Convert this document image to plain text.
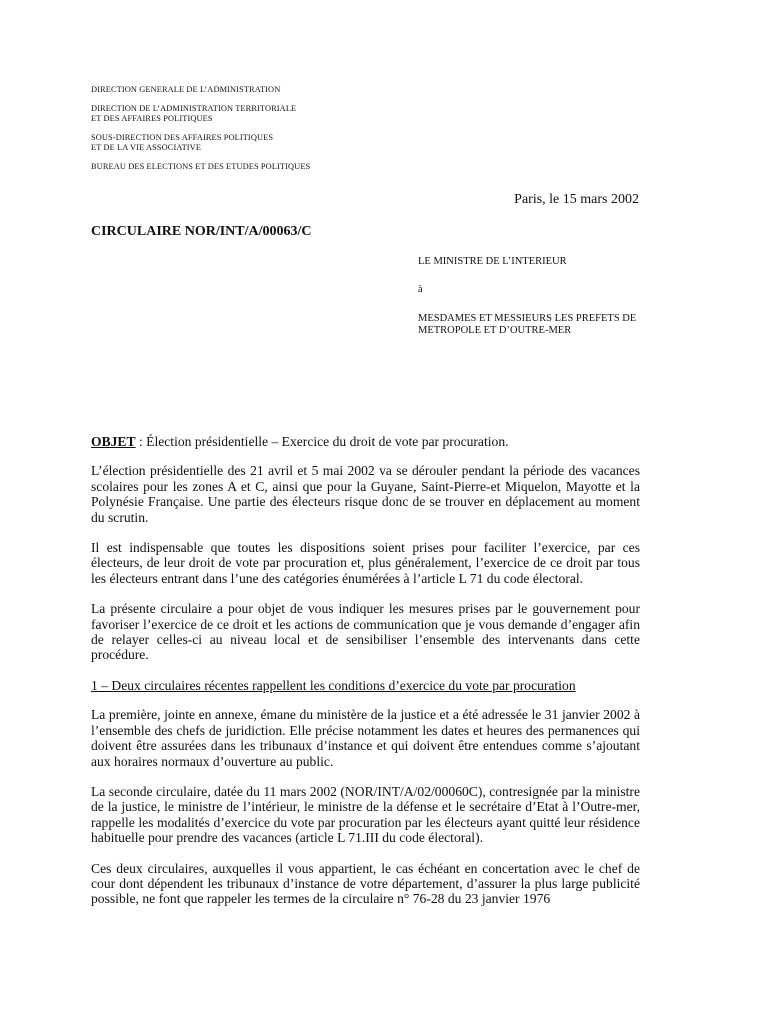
DIRECTION GENERALE DE L’ADMINISTRATION
DIRECTION DE L’ADMINISTRATION TERRITORIALE
ET DES AFFAIRES POLITIQUES
SOUS-DIRECTION DES AFFAIRES POLITIQUES
ET DE LA VIE ASSOCIATIVE
BUREAU DES ELECTIONS ET DES ETUDES POLITIQUES
Paris, le 15 mars 2002
CIRCULAIRE NOR/INT/A/00063/C
LE MINISTRE DE L’INTERIEUR
à
MESDAMES ET MESSIEURS LES PREFETS DE METROPOLE ET D’OUTRE-MER
OBJET : Élection présidentielle – Exercice du droit de vote par procuration.

L’élection présidentielle des 21 avril et 5 mai 2002 va se dérouler pendant la période des vacances scolaires pour les zones A et C, ainsi que pour la Guyane, Saint-Pierre-et Miquelon, Mayotte et la Polynésie Française. Une partie des électeurs risque donc de se trouver en déplacement au moment du scrutin.

Il est indispensable que toutes les dispositions soient prises pour faciliter l’exercice, par ces électeurs, de leur droit de vote par procuration et, plus généralement, l’exercice de ce droit par tous les électeurs entrant dans l’une des catégories énumérées à l’article L 71 du code électoral.

La présente circulaire a pour objet de vous indiquer les mesures prises par le gouvernement pour favoriser l’exercice de ce droit et les actions de communication que je vous demande d’engager afin de relayer celles-ci au niveau local et de sensibiliser l’ensemble des intervenants dans cette procédure.

1 – Deux circulaires récentes rappellent les conditions d’exercice du vote par procuration

La première, jointe en annexe, émane du ministère de la justice et a été adressée le 31 janvier 2002 à l’ensemble des chefs de juridiction. Elle précise notamment les dates et heures des permanences qui doivent être assurées dans les tribunaux d’instance et qui doivent être entendues comme s’ajoutant aux horaires normaux d’ouverture au public.

La seconde circulaire, datée du 11 mars 2002 (NOR/INT/A/02/00060C), contresignée par la ministre de la justice, le ministre de l’intérieur, le ministre de la défense et le secrétaire d’Etat à l’Outre-mer, rappelle les modalités d’exercice du vote par procuration par les électeurs ayant quitté leur résidence habituelle pour prendre des vacances (article L 71.III du code électoral).

Ces deux circulaires, auxquelles il vous appartient, le cas échéant en concertation avec le chef de cour dont dépendent les tribunaux d’instance de votre département, d’assurer la plus large publicité possible, ne font que rappeler les termes de la circulaire n° 76-28 du 23 janvier 1976
